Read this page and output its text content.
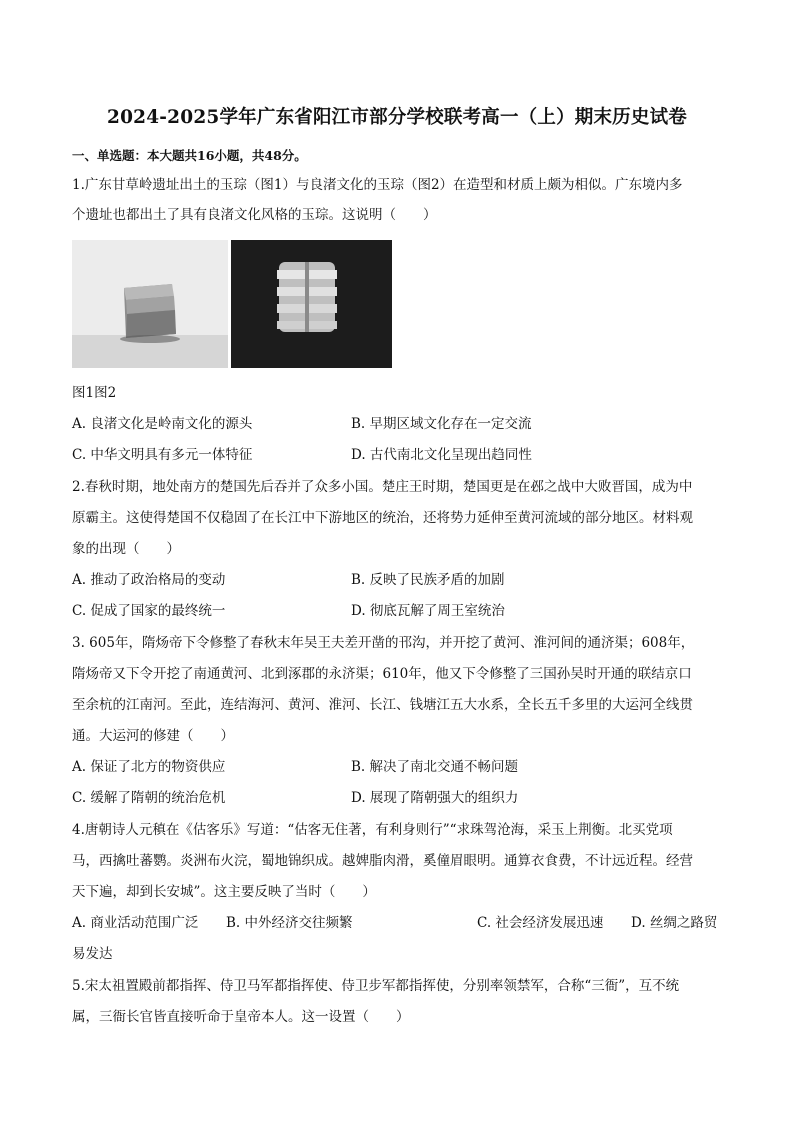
2024-2025学年广东省阳江市部分学校联考高一（上）期末历史试卷
一、单选题：本大题共16小题，共48分。
1.广东甘草岭遗址出土的玉琮（图1）与良渚文化的玉琮（图2）在造型和材质上颇为相似。广东境内多
个遗址也都出土了具有良渚文化风格的玉琮。这说明（　　）
图1图2
A. 良渚文化是岭南文化的源头	B. 早期区域文化存在一定交流
C. 中华文明具有多元一体特征	D. 古代南北文化呈现出趋同性
2.春秋时期，地处南方的楚国先后吞并了众多小国。楚庄王时期，楚国更是在邲之战中大败晋国，成为中
原霸主。这使得楚国不仅稳固了在长江中下游地区的统治，还将势力延伸至黄河流域的部分地区。材料观
象的出现（　　）
A. 推动了政治格局的变动	B. 反映了民族矛盾的加剧
C. 促成了国家的最终统一	D. 彻底瓦解了周王室统治
3. 605年，隋炀帝下令修整了春秋末年吴王夫差开凿的邗沟，并开挖了黄河、淮河间的通济渠；608年，
隋炀帝又下令开挖了南通黄河、北到涿郡的永济渠；610年，他又下令修整了三国孙吴时开通的联结京口
至余杭的江南河。至此，连结海河、黄河、淮河、长江、钱塘江五大水系，全长五千多里的大运河全线贯
通。大运河的修建（　　）
A. 保证了北方的物资供应	B. 解决了南北交通不畅问题
C. 缓解了隋朝的统治危机	D. 展现了隋朝强大的组织力
4.唐朝诗人元稹在《估客乐》写道：“估客无住著，有利身则行”“求珠驾沧海，采玉上荆衡。北买党项
马，西擒吐蕃鹦。炎洲布火浣，蜀地锦织成。越婢脂肉滑，奚僮眉眼明。通算衣食费，不计远近程。经营
天下遍，却到长安城”。这主要反映了当时（　　）
A. 商业活动范围广泛 B. 中外经济交往频繁	C. 社会经济发展迅速 D. 丝绸之路贸
易发达
5.宋太祖置殿前都指挥、侍卫马军都指挥使、侍卫步军都指挥使，分别率领禁军，合称“三衙”，互不统
属，三衙长官皆直接听命于皇帝本人。这一设置（　　）
